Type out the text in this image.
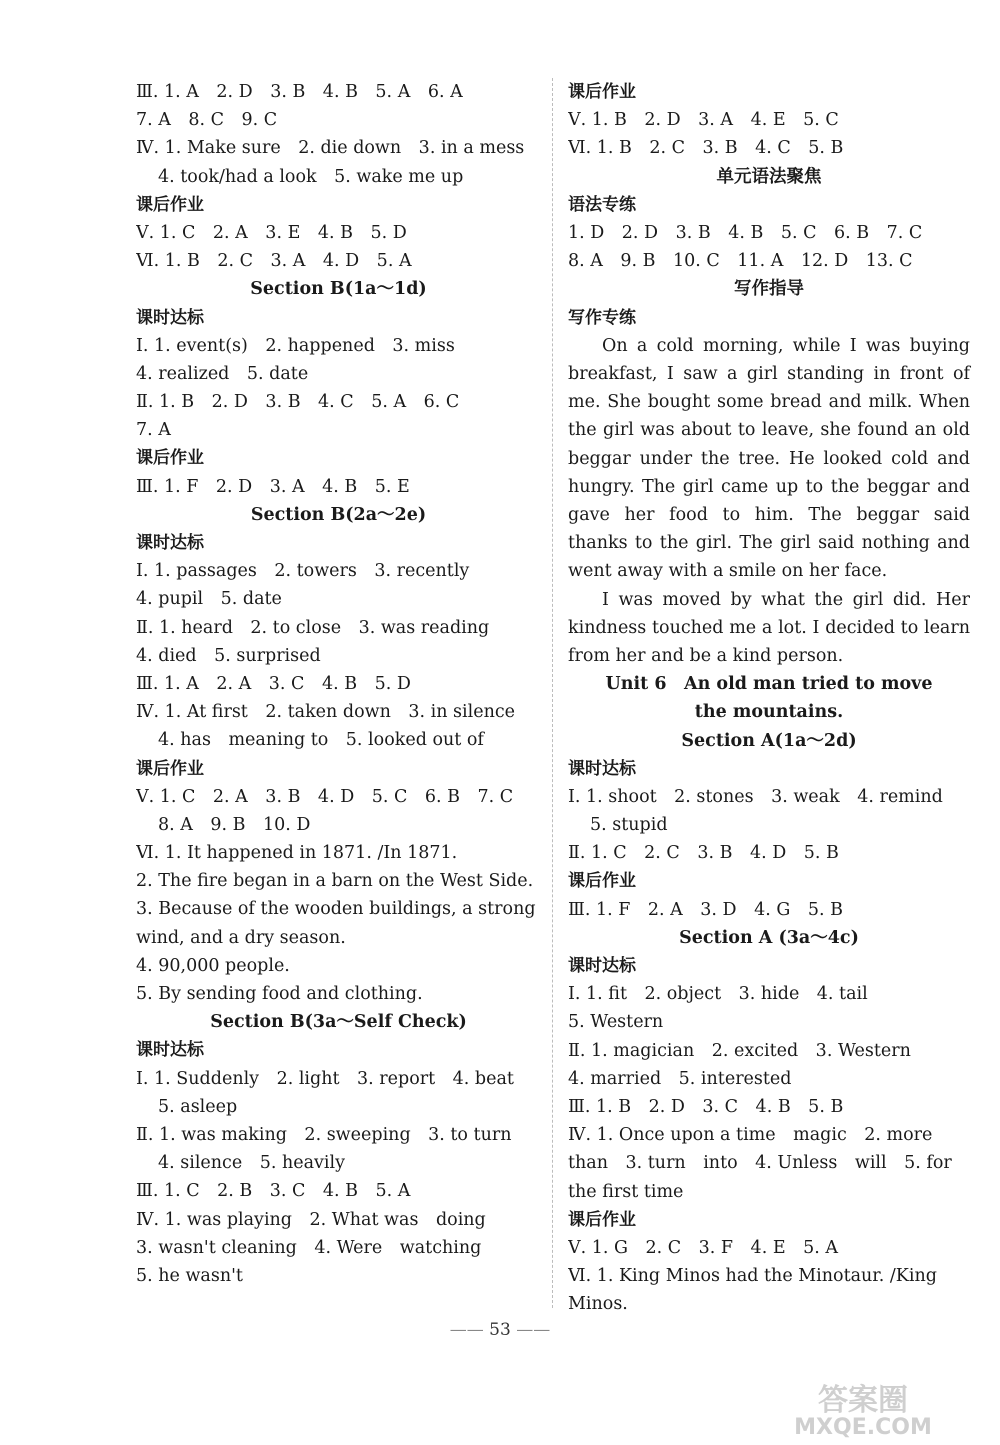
Ⅲ. 1. A　2. D　3. B　4. B　5. A　6. A
7. A　8. C　9. C
Ⅳ. 1. Make sure　2. die down　3. in a mess
4. took/had a look　5. wake me up
课后作业
Ⅴ. 1. C　2. A　3. E　4. B　5. D
Ⅵ. 1. B　2. C　3. A　4. D　5. A
Section B(1a～1d)
课时达标
Ⅰ. 1. event(s)　2. happened　3. miss
4. realized　5. date
Ⅱ. 1. B　2. D　3. B　4. C　5. A　6. C
7. A
课后作业
Ⅲ. 1. F　2. D　3. A　4. B　5. E
Section B(2a～2e)
课时达标
Ⅰ. 1. passages　2. towers　3. recently
4. pupil　5. date
Ⅱ. 1. heard　2. to close　3. was reading
4. died　5. surprised
Ⅲ. 1. A　2. A　3. C　4. B　5. D
Ⅳ. 1. At first　2. taken down　3. in silence
4. has　meaning to　5. looked out of
课后作业
Ⅴ. 1. C　2. A　3. B　4. D　5. C　6. B　7. C
8. A　9. B　10. D
Ⅵ. 1. It happened in 1871. /In 1871.
2. The fire began in a barn on the West Side.
3. Because of the wooden buildings, a strong
wind, and a dry season.
4. 90,000 people.
5. By sending food and clothing.
Section B(3a～Self Check)
课时达标
Ⅰ. 1. Suddenly　2. light　3. report　4. beat
5. asleep
Ⅱ. 1. was making　2. sweeping　3. to turn
4. silence　5. heavily
Ⅲ. 1. C　2. B　3. C　4. B　5. A
Ⅳ. 1. was playing　2. What was　doing
3. wasn't cleaning　4. Were　watching
5. he wasn't
课后作业
Ⅴ. 1. B　2. D　3. A　4. E　5. C
Ⅵ. 1. B　2. C　3. B　4. C　5. B
单元语法聚焦
语法专练
1. D　2. D　3. B　4. B　5. C　6. B　7. C
8. A　9. B　10. C　11. A　12. D　13. C
写作指导
写作专练

On a cold morning, while I was buying breakfast, I saw a girl standing in front of me. She bought some bread and milk. When the girl was about to leave, she found an old beggar under the tree. He looked cold and hungry. The girl came up to the beggar and gave her food to him. The beggar said thanks to the girl. The girl said nothing and went away with a smile on her face.

I was moved by what the girl did. Her kindness touched me a lot. I decided to learn from her and be a kind person.

Unit 6　An old man tried to move
the mountains.
Section A(1a～2d)
课时达标
Ⅰ. 1. shoot　2. stones　3. weak　4. remind
5. stupid
Ⅱ. 1. C　2. C　3. B　4. D　5. B
课后作业
Ⅲ. 1. F　2. A　3. D　4. G　5. B
Section A (3a～4c)
课时达标
Ⅰ. 1. fit　2. object　3. hide　4. tail
5. Western
Ⅱ. 1. magician　2. excited　3. Western
4. married　5. interested
Ⅲ. 1. B　2. D　3. C　4. B　5. B
Ⅳ. 1. Once upon a time　magic　2. more
than　3. turn　into　4. Unless　will　5. for
the first time
课后作业
Ⅴ. 1. G　2. C　3. F　4. E　5. A
Ⅵ. 1. King Minos had the Minotaur. /King
Minos.
—— 53 ——
答案圈
MXQE.COM
